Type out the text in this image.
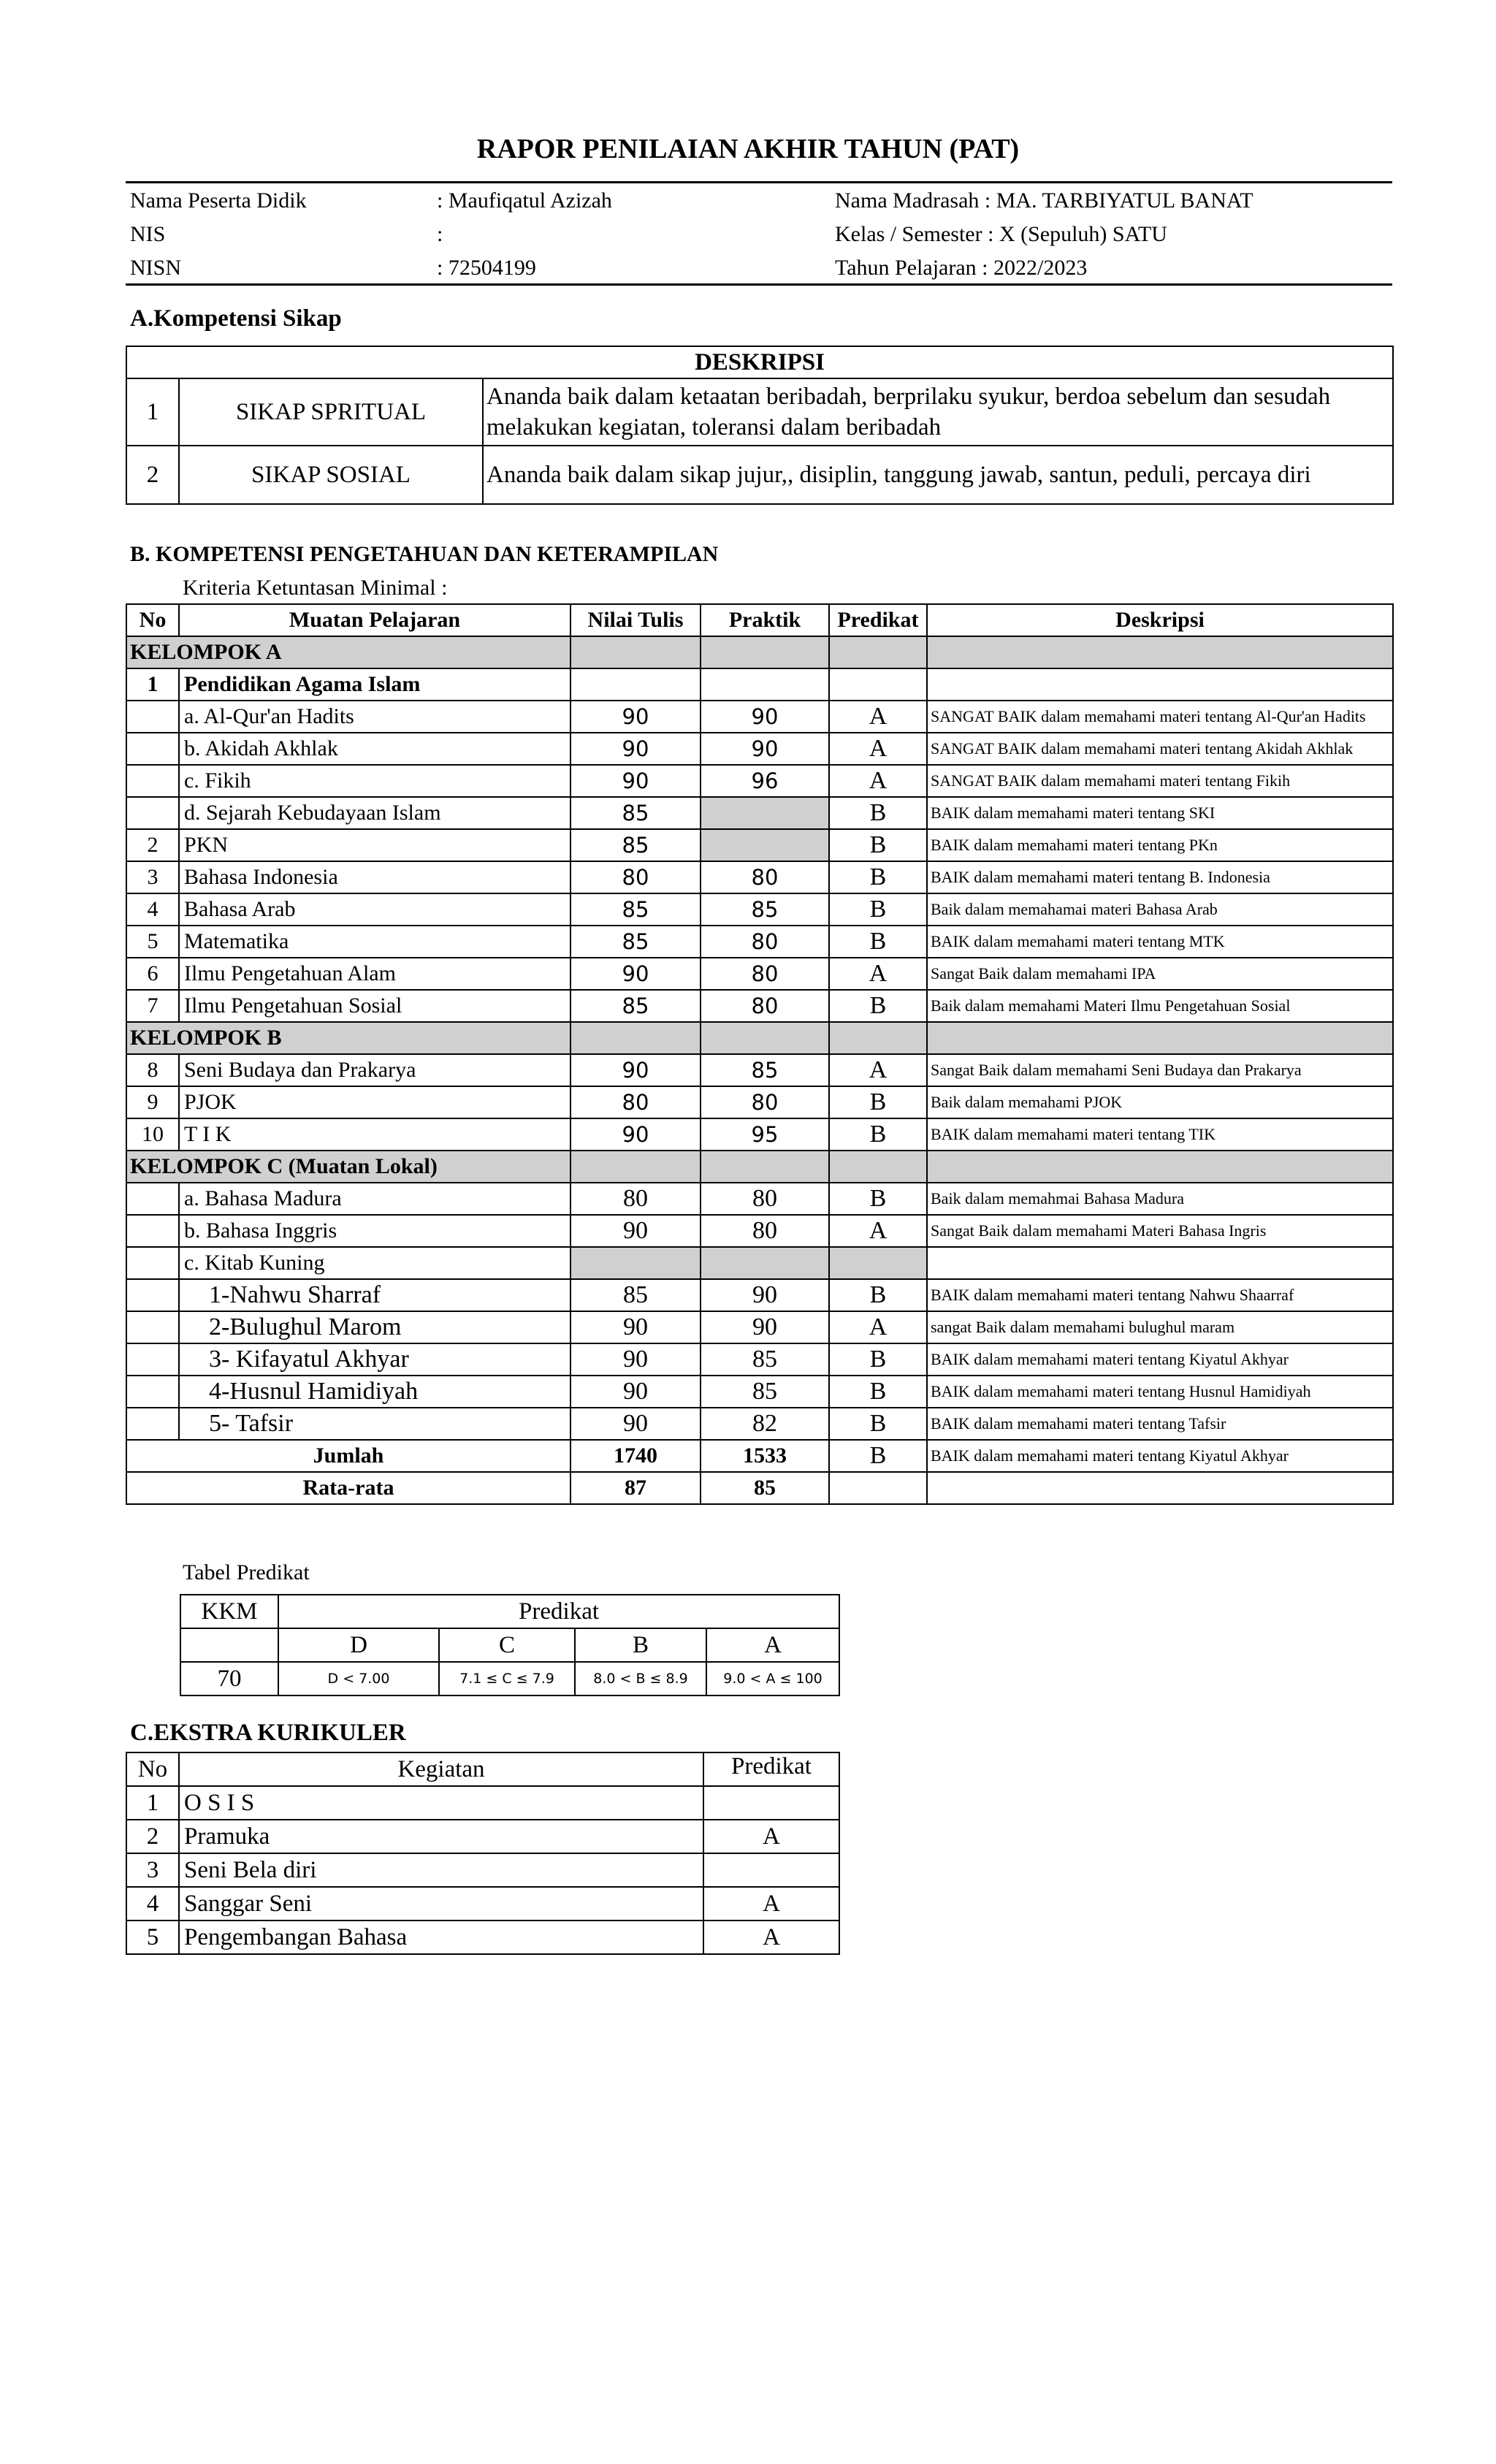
RAPOR PENILAIAN AKHIR TAHUN (PAT)
Nama Peserta Didik	: Maufiqatul Azizah	Nama Madrasah : MA. TARBIYATUL BANAT
NIS	:	Kelas / Semester : X (Sepuluh) SATU
NISN	: 72504199	Tahun Pelajaran : 2022/2023
A.Kompetensi Sikap
DESKRIPSI		
1	SIKAP SPRITUAL	Ananda baik dalam ketaatan beribadah, berprilaku syukur, berdoa sebelum dan sesudah melakukan kegiatan, toleransi dalam beribadah
2	SIKAP SOSIAL	Ananda baik dalam sikap jujur,, disiplin, tanggung jawab, santun, peduli, percaya diri
B. KOMPETENSI PENGETAHUAN DAN KETERAMPILAN
Kriteria Ketuntasan Minimal :
No	Muatan Pelajaran	Nilai Tulis	Praktik	Predikat	Deskripsi
KELOMPOK A					
1	Pendidikan Agama Islam				
	a. Al-Qur'an Hadits	90	90	A	SANGAT BAIK dalam memahami materi tentang Al-Qur'an Hadits
	b. Akidah Akhlak	90	90	A	SANGAT BAIK dalam memahami materi tentang Akidah Akhlak
	c. Fikih	90	96	A	SANGAT BAIK dalam memahami materi tentang Fikih
	d. Sejarah Kebudayaan Islam	85		B	BAIK dalam memahami materi tentang SKI
2	PKN	85		B	BAIK dalam memahami materi tentang PKn
3	Bahasa Indonesia	80	80	B	BAIK dalam memahami materi tentang B. Indonesia
4	Bahasa Arab	85	85	B	Baik dalam memahamai materi Bahasa Arab
5	Matematika	85	80	B	BAIK dalam memahami materi tentang MTK
6	Ilmu Pengetahuan Alam	90	80	A	Sangat Baik dalam memahami IPA
7	Ilmu Pengetahuan Sosial	85	80	B	Baik dalam memahami Materi Ilmu Pengetahuan Sosial
KELOMPOK B					
8	Seni Budaya dan Prakarya	90	85	A	Sangat Baik dalam memahami Seni Budaya dan Prakarya
9	PJOK	80	80	B	Baik dalam memahami PJOK
10	T I K	90	95	B	BAIK dalam memahami materi tentang TIK
KELOMPOK C (Muatan Lokal)					
	a. Bahasa Madura	80	80	B	Baik dalam memahmai Bahasa Madura
	b. Bahasa Inggris	90	80	A	Sangat Baik dalam memahami Materi Bahasa Ingris
	c. Kitab Kuning				
	1-Nahwu Sharraf	85	90	B	BAIK dalam memahami materi tentang Nahwu Shaarraf
	2-Bulughul Marom	90	90	A	sangat Baik dalam memahami bulughul maram
	3- Kifayatul Akhyar	90	85	B	BAIK dalam memahami materi tentang Kiyatul Akhyar
	4-Husnul Hamidiyah	90	85	B	BAIK dalam memahami materi tentang Husnul Hamidiyah
	5- Tafsir	90	82	B	BAIK dalam memahami materi tentang Tafsir
Jumlah		1740	1533	B	BAIK dalam memahami materi tentang Kiyatul Akhyar
Rata-rata		87	85		
Tabel Predikat
KKM	Predikat			
	D	C	B	A
70	D < 7.00	7.1 ≤ C ≤ 7.9	8.0 < B ≤ 8.9	9.0 < A ≤ 100
C.EKSTRA KURIKULER
No	Kegiatan	Predikat
1	O S I S	
2	Pramuka	A
3	Seni Bela diri	
4	Sanggar Seni	A
5	Pengembangan Bahasa	A
